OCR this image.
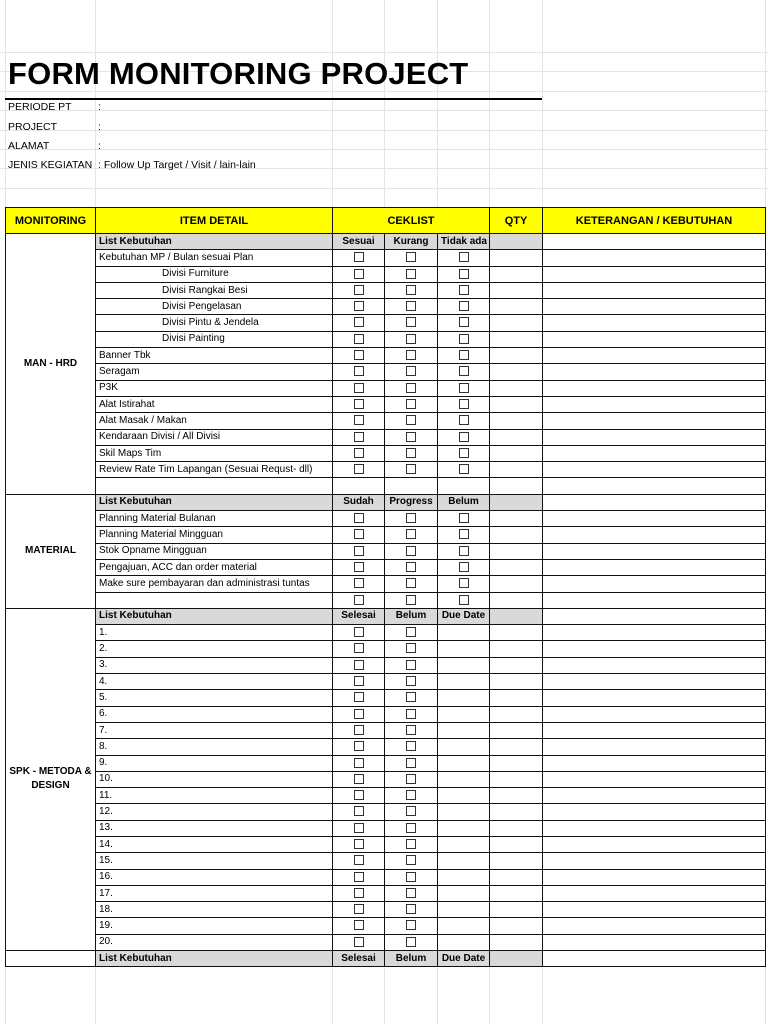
FORM MONITORING PROJECT
PERIODE PT	:
PROJECT	:
ALAMAT	:
JENIS KEGIATAN : Follow Up Target / Visit / lain-lain
MONITORING	ITEM DETAIL	CEKLIST			QTY	KETERANGAN / KEBUTUHAN
MAN - HRD	List Kebutuhan	Sesuai	Kurang	Tidak ada		
	Kebutuhan MP / Bulan sesuai Plan					
	Divisi Furniture					
	Divisi Rangkai Besi					
	Divisi Pengelasan					
	Divisi Pintu & Jendela					
	Divisi Painting					
	Banner Tbk					
	Seragam					
	P3K					
	Alat Istirahat					
	Alat Masak / Makan					
	Kendaraan Divisi / All Divisi					
	Skil Maps Tim					
	Review Rate Tim Lapangan (Sesuai Requst- dll)					

MATERIAL	List Kebutuhan	Sudah	Progress	Belum		
	Planning Material Bulanan					
	Planning Material Mingguan					
	Stok Opname Mingguan					
	Pengajuan, ACC dan order material					
	Make sure pembayaran dan administrasi tuntas					

SPK - METODA & DESIGN	List Kebutuhan	Selesai	Belum	Due Date		
	1.					
	2.					
	3.					
	4.					
	5.					
	6.					
	7.					
	8.					
	9.					
	10.					
	11.					
	12.					
	13.					
	14.					
	15.					
	16.					
	17.					
	18.					
	19.					
	20.					
	List Kebutuhan	Selesai	Belum	Due Date		
